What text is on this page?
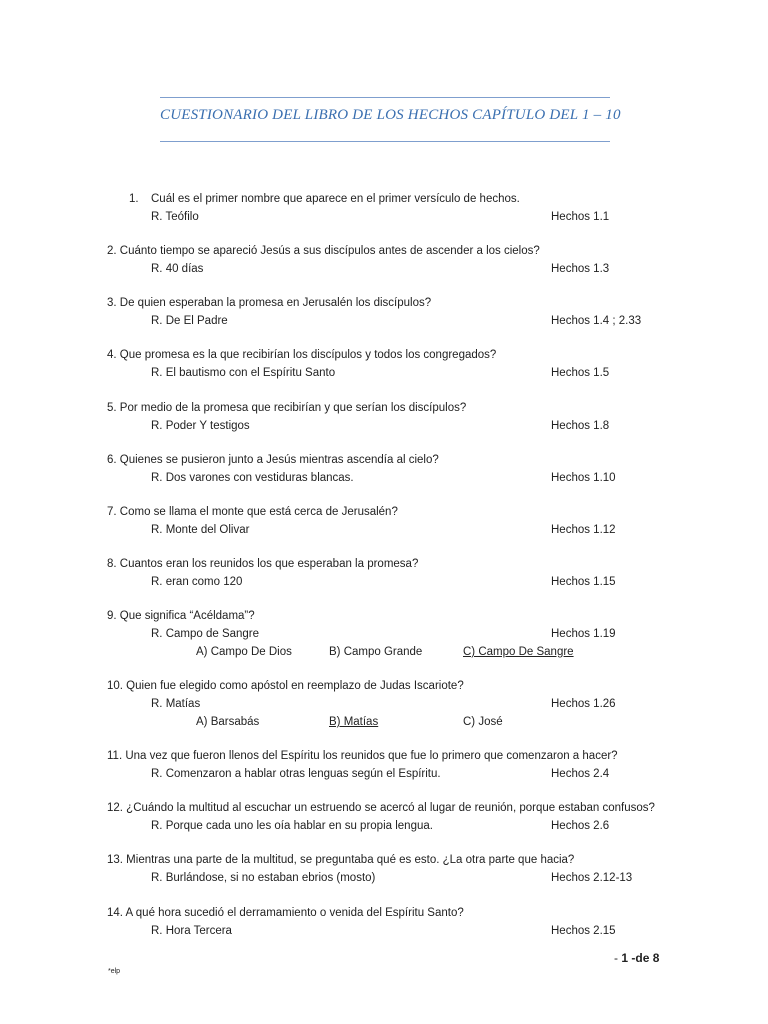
CUESTIONARIO DEL LIBRO DE LOS HECHOS CAPÍTULO DEL 1 – 10
1. Cuál es el primer nombre que aparece en el primer versículo de hechos.
R. Teófilo	Hechos 1.1
2. Cuánto tiempo se apareció Jesús a sus discípulos antes de ascender a los cielos?
R. 40 días	Hechos 1.3
3. De quien esperaban la promesa en Jerusalén los discípulos?
R. De El Padre	Hechos 1.4 ; 2.33
4. Que promesa es la que recibirían los discípulos y todos los congregados?
R. El bautismo con el Espíritu Santo	Hechos 1.5
5. Por medio de la promesa que recibirían y que serían los discípulos?
R. Poder Y testigos	Hechos 1.8
6. Quienes se pusieron junto a Jesús mientras ascendía al cielo?
R. Dos varones con vestiduras blancas.	Hechos 1.10
7. Como se llama el monte que está cerca de Jerusalén?
R. Monte del Olivar	Hechos 1.12
8. Cuantos eran los reunidos los que esperaban la promesa?
R. eran como 120	Hechos 1.15
9. Que significa “Acéldama”?
R. Campo de Sangre	Hechos 1.19
A) Campo De Dios	B) Campo Grande	C) Campo De Sangre
10. Quien fue elegido como apóstol en reemplazo de Judas Iscariote?
R. Matías	Hechos 1.26
A) Barsabás	B) Matías	C) José
11. Una vez que fueron llenos del Espíritu los reunidos que fue lo primero que comenzaron a hacer?
R. Comenzaron a hablar otras lenguas según el Espíritu.	Hechos 2.4
12. ¿Cuándo la multitud al escuchar un estruendo se acercó al lugar de reunión, porque estaban confusos?
R. Porque cada uno les oía hablar en su propia lengua.	Hechos 2.6
13. Mientras una parte de la multitud, se preguntaba qué es esto. ¿La otra parte que hacia?
R. Burlándose, si no estaban ebrios (mosto)	Hechos 2.12-13
14. A qué hora sucedió el derramamiento o venida del Espíritu Santo?
R. Hora Tercera	Hechos 2.15
- 1 -de 8
*elp
